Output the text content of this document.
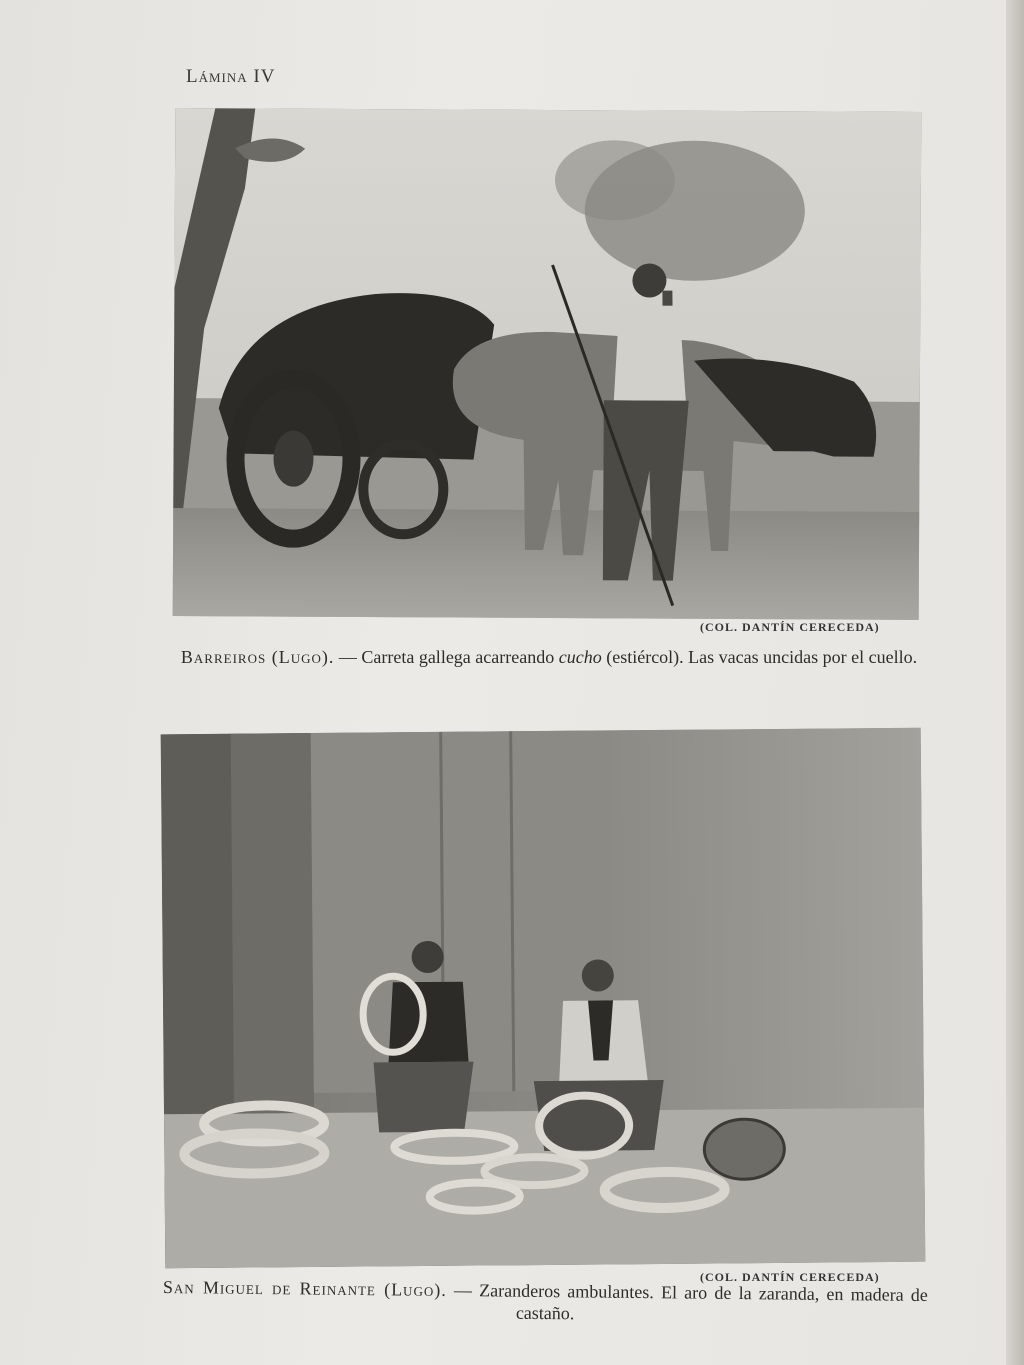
Lámina IV
(COL. DANTÍN CERECEDA)
Barreiros (Lugo). — Carreta gallega acarreando cucho (estiércol). Las vacas uncidas por el cuello.
(COL. DANTÍN CERECEDA)
San Miguel de Reinante (Lugo). — Zaranderos ambulantes. El aro de la zaranda, en madera de castaño.
